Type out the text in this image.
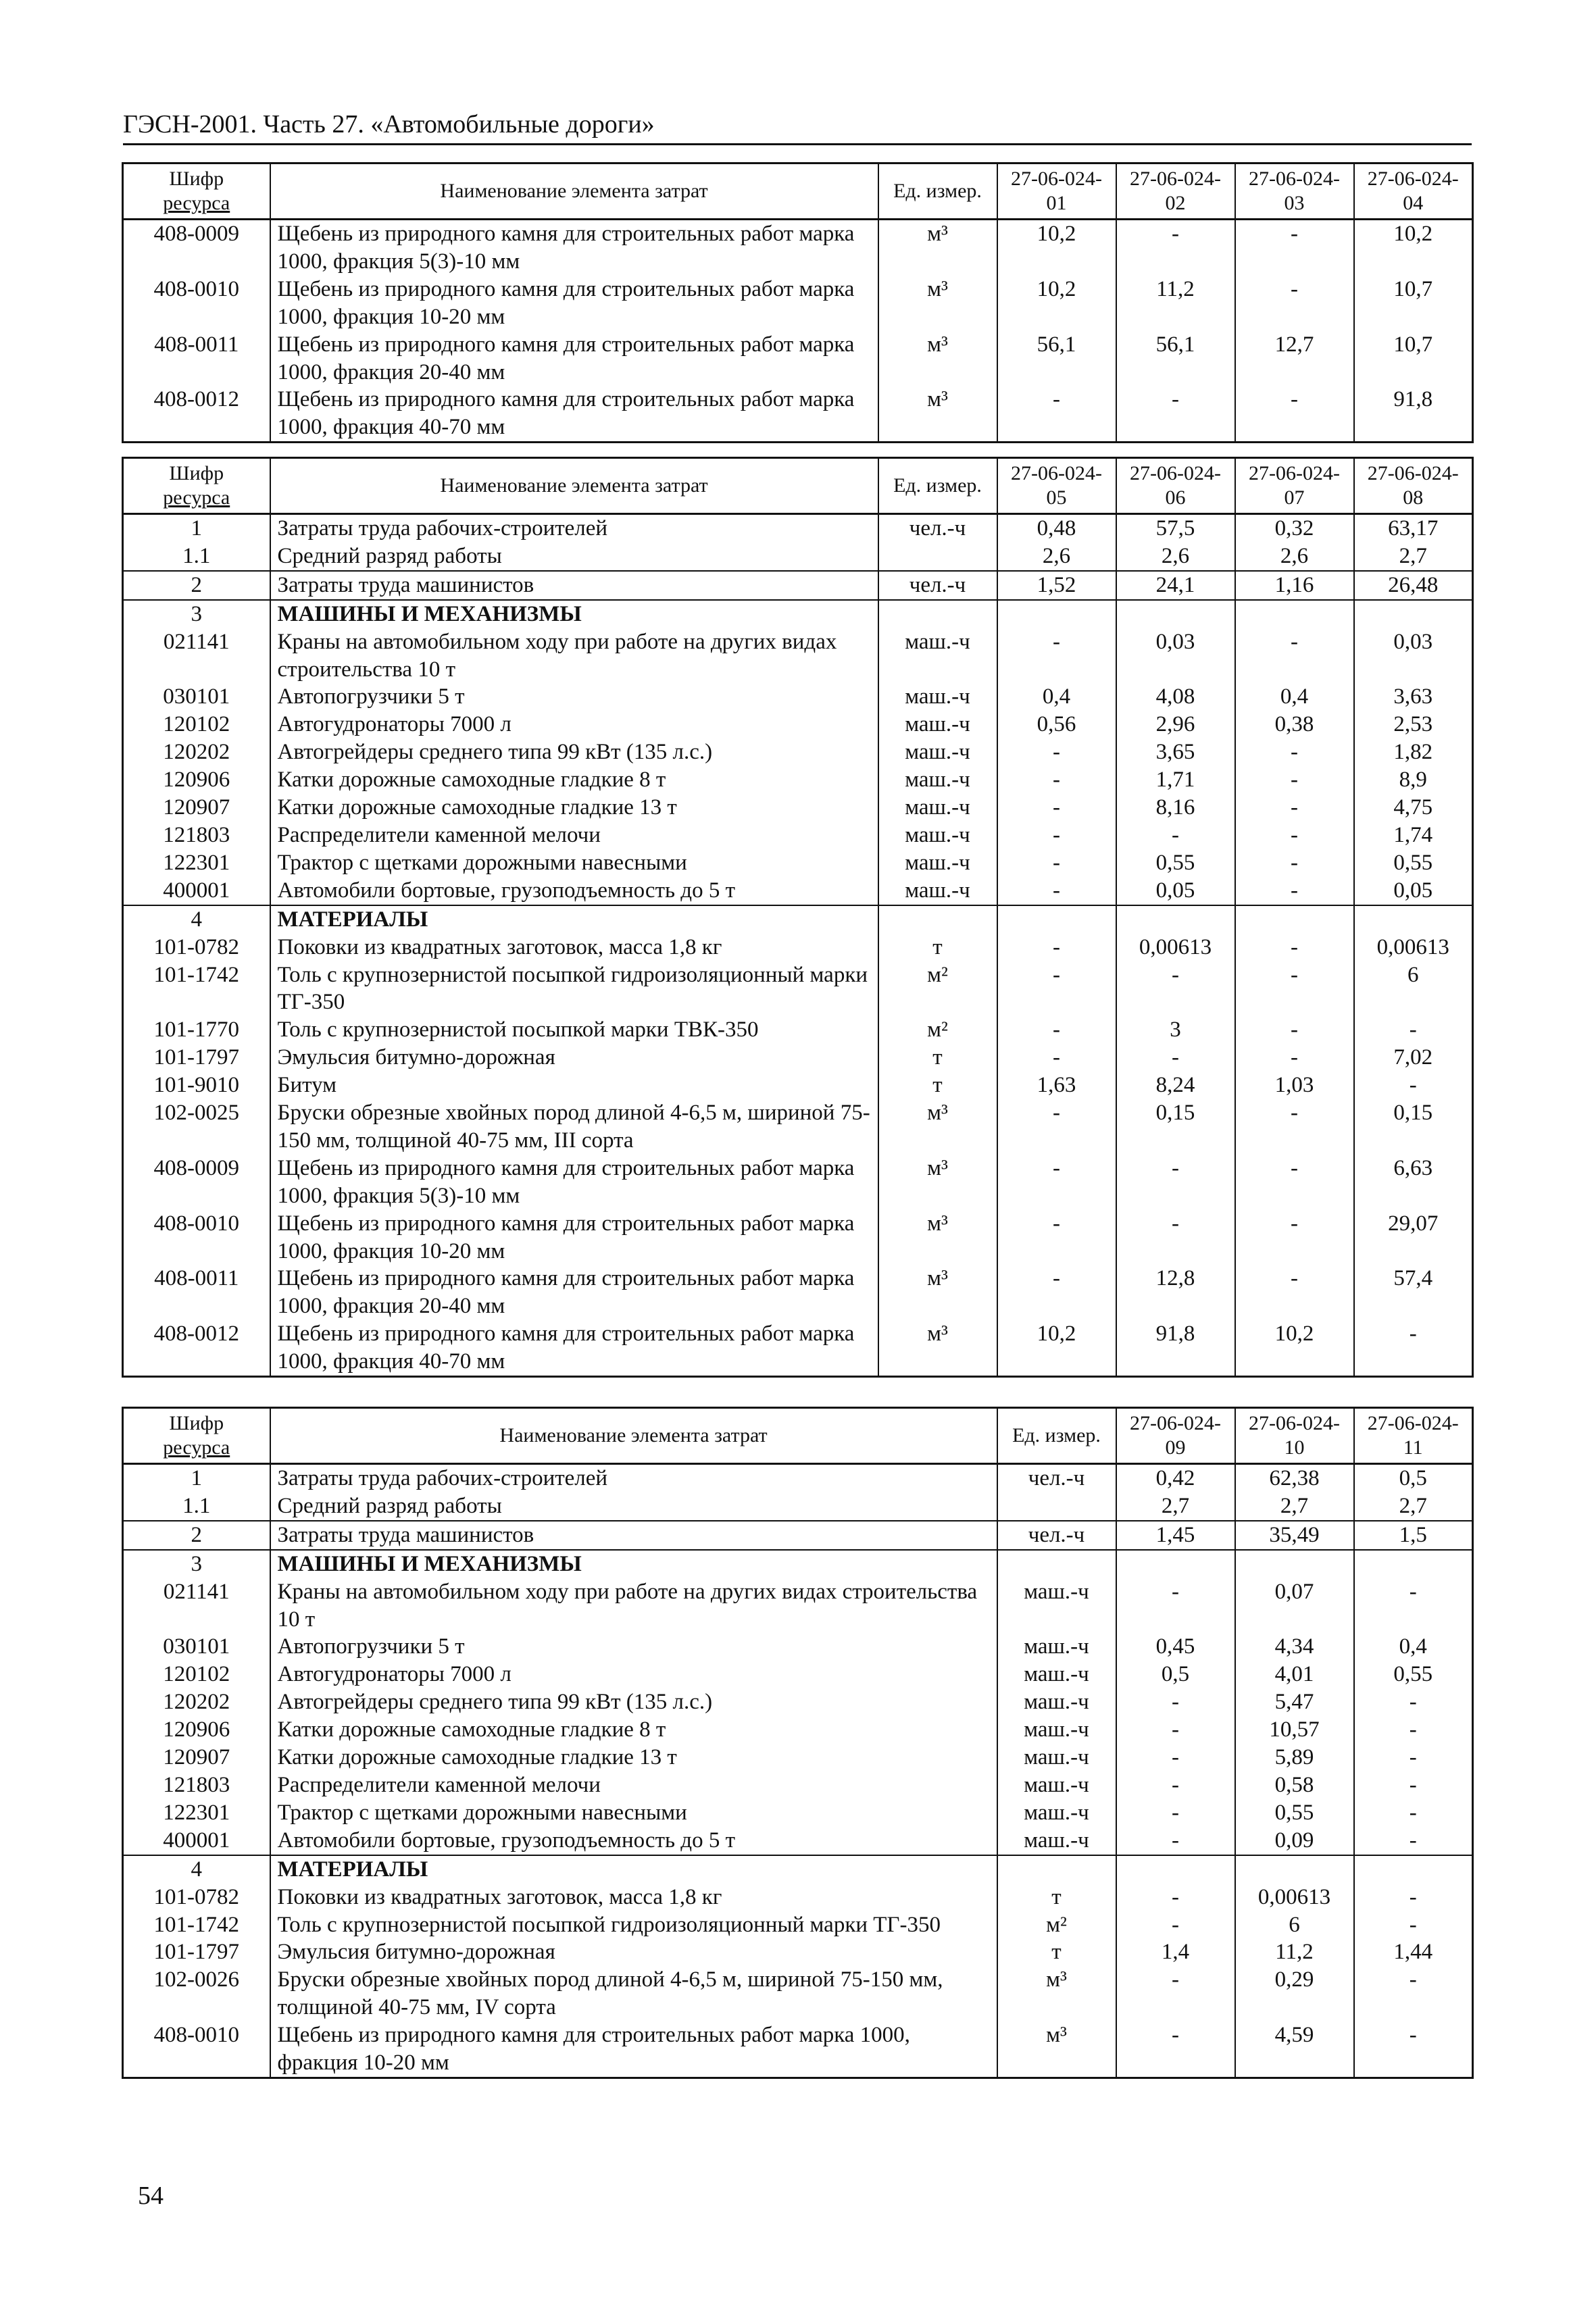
ГЭСН-2001. Часть 27. «Автомобильные дороги»
Шифр
ресурса	Наименование элемента затрат	Ед. измер.	27-06-024-01	27-06-024-02	27-06-024-03	27-06-024-04
408-0009	Щебень из природного камня для строительных работ марка 1000, фракция 5(3)-10 мм	м³	10,2	-	-	10,2
408-0010	Щебень из природного камня для строительных работ марка 1000, фракция 10-20 мм	м³	10,2	11,2	-	10,7
408-0011	Щебень из природного камня для строительных работ марка 1000, фракция 20-40 мм	м³	56,1	56,1	12,7	10,7
408-0012	Щебень из природного камня для строительных работ марка 1000, фракция 40-70 мм	м³	-	-	-	91,8
Шифр
ресурса	Наименование элемента затрат	Ед. измер.	27-06-024-05	27-06-024-06	27-06-024-07	27-06-024-08
1	Затраты труда рабочих-строителей	чел.-ч	0,48	57,5	0,32	63,17
1.1	Средний разряд работы		2,6	2,6	2,6	2,7
2	Затраты труда машинистов	чел.-ч	1,52	24,1	1,16	26,48
3	МАШИНЫ И МЕХАНИЗМЫ					
021141	Краны на автомобильном ходу при работе на других видах строительства 10 т	маш.-ч	-	0,03	-	0,03
030101	Автопогрузчики 5 т	маш.-ч	0,4	4,08	0,4	3,63
120102	Автогудронаторы 7000 л	маш.-ч	0,56	2,96	0,38	2,53
120202	Автогрейдеры среднего типа 99 кВт (135 л.с.)	маш.-ч	-	3,65	-	1,82
120906	Катки дорожные самоходные гладкие 8 т	маш.-ч	-	1,71	-	8,9
120907	Катки дорожные самоходные гладкие 13 т	маш.-ч	-	8,16	-	4,75
121803	Распределители каменной мелочи	маш.-ч	-	-	-	1,74
122301	Трактор с щетками дорожными навесными	маш.-ч	-	0,55	-	0,55
400001	Автомобили бортовые, грузоподъемность до 5 т	маш.-ч	-	0,05	-	0,05
4	МАТЕРИАЛЫ					
101-0782	Поковки из квадратных заготовок, масса 1,8 кг	т	-	0,00613	-	0,00613
101-1742	Толь с крупнозернистой посыпкой гидроизоляционный марки ТГ-350	м²	-	-	-	6
101-1770	Толь с крупнозернистой посыпкой марки ТВК-350	м²	-	3	-	-
101-1797	Эмульсия битумно-дорожная	т	-	-	-	7,02
101-9010	Битум	т	1,63	8,24	1,03	-
102-0025	Бруски обрезные хвойных пород длиной 4-6,5 м, шириной 75-150 мм, толщиной 40-75 мм, III сорта	м³	-	0,15	-	0,15
408-0009	Щебень из природного камня для строительных работ марка 1000, фракция 5(3)-10 мм	м³	-	-	-	6,63
408-0010	Щебень из природного камня для строительных работ марка 1000, фракция 10-20 мм	м³	-	-	-	29,07
408-0011	Щебень из природного камня для строительных работ марка 1000, фракция 20-40 мм	м³	-	12,8	-	57,4
408-0012	Щебень из природного камня для строительных работ марка 1000, фракция 40-70 мм	м³	10,2	91,8	10,2	-
Шифр
ресурса	Наименование элемента затрат	Ед. измер.	27-06-024-09	27-06-024-10	27-06-024-11
1	Затраты труда рабочих-строителей	чел.-ч	0,42	62,38	0,5
1.1	Средний разряд работы		2,7	2,7	2,7
2	Затраты труда машинистов	чел.-ч	1,45	35,49	1,5
3	МАШИНЫ И МЕХАНИЗМЫ				
021141	Краны на автомобильном ходу при работе на других видах строительства 10 т	маш.-ч	-	0,07	-
030101	Автопогрузчики 5 т	маш.-ч	0,45	4,34	0,4
120102	Автогудронаторы 7000 л	маш.-ч	0,5	4,01	0,55
120202	Автогрейдеры среднего типа 99 кВт (135 л.с.)	маш.-ч	-	5,47	-
120906	Катки дорожные самоходные гладкие 8 т	маш.-ч	-	10,57	-
120907	Катки дорожные самоходные гладкие 13 т	маш.-ч	-	5,89	-
121803	Распределители каменной мелочи	маш.-ч	-	0,58	-
122301	Трактор с щетками дорожными навесными	маш.-ч	-	0,55	-
400001	Автомобили бортовые, грузоподъемность до 5 т	маш.-ч	-	0,09	-
4	МАТЕРИАЛЫ				
101-0782	Поковки из квадратных заготовок, масса 1,8 кг	т	-	0,00613	-
101-1742	Толь с крупнозернистой посыпкой гидроизоляционный марки ТГ-350	м²	-	6	-
101-1797	Эмульсия битумно-дорожная	т	1,4	11,2	1,44
102-0026	Бруски обрезные хвойных пород длиной 4-6,5 м, шириной 75-150 мм, толщиной 40-75 мм, IV сорта	м³	-	0,29	-
408-0010	Щебень из природного камня для строительных работ марка 1000, фракция 10-20 мм	м³	-	4,59	-
54
